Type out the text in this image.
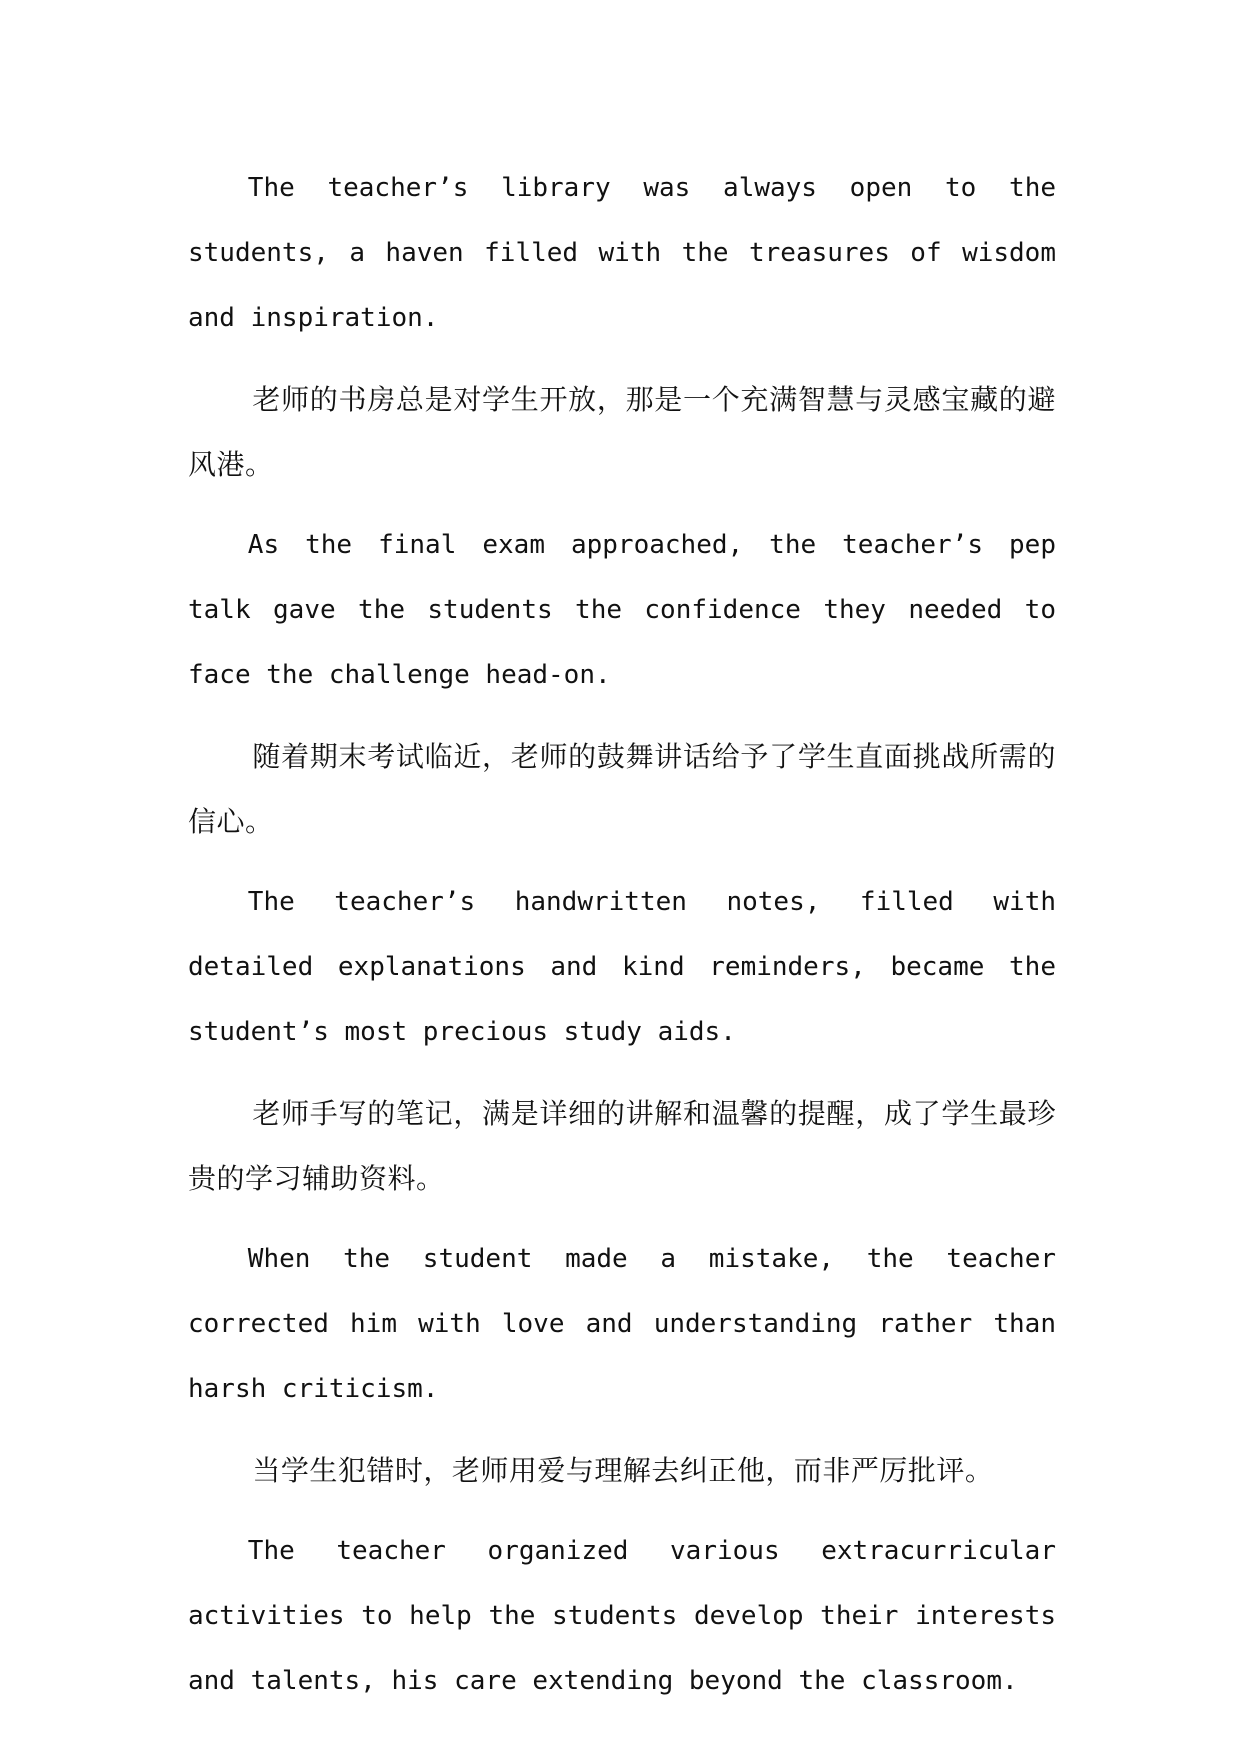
The teacher’s library was always open to the students, a haven filled with the treasures of wisdom and inspiration.

老师的书房总是对学生开放，那是一个充满智慧与灵感宝藏的避风港。

As the final exam approached, the teacher’s pep talk gave the students the confidence they needed to face the challenge head-on.

随着期末考试临近，老师的鼓舞讲话给予了学生直面挑战所需的信心。

The teacher’s handwritten notes, filled with detailed explanations and kind reminders, became the student’s most precious study aids.

老师手写的笔记，满是详细的讲解和温馨的提醒，成了学生最珍贵的学习辅助资料。

When the student made a mistake, the teacher corrected him with love and understanding rather than harsh criticism.

当学生犯错时，老师用爱与理解去纠正他，而非严厉批评。

The teacher organized various extracurricular activities to help the students develop their interests and talents, his care extending beyond the classroom.
